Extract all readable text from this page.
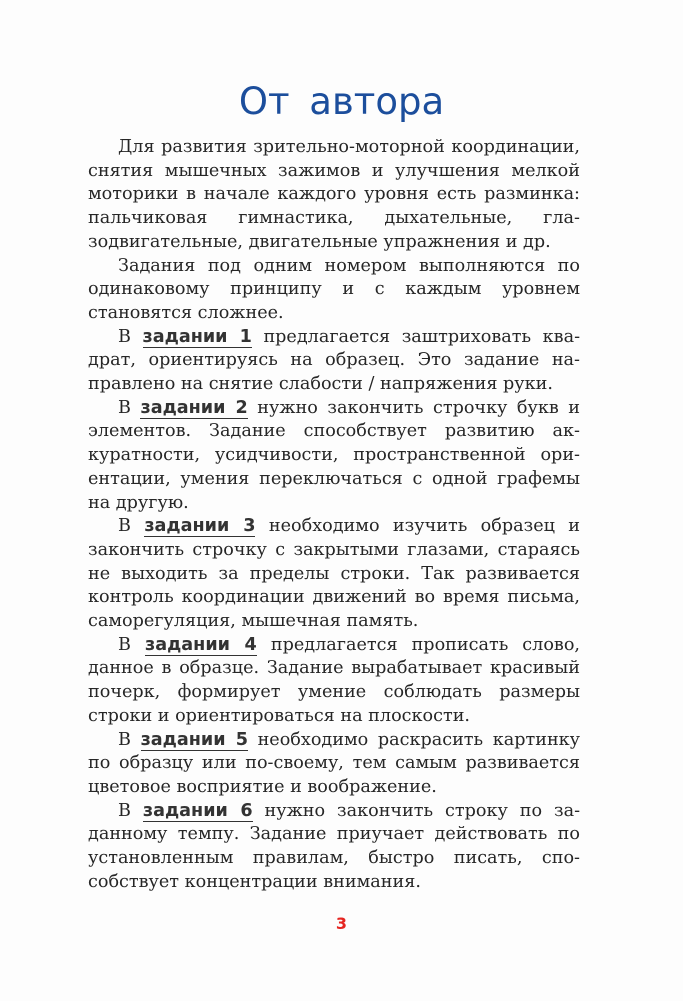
От автора

Для развития зрительно-моторной координации, снятия мышечных зажимов и улучшения мелкой моторики в начале каждого уровня есть разминка: пальчиковая гимнастика, дыхательные, глазодвигательные, двигательные упражнения и др.

Задания под одним номером выполняются по одинаковому принципу и с каждым уровнем становятся сложнее.

В задании 1 предлагается заштриховать квадрат, ориентируясь на образец. Это задание направлено на снятие слабости / напряжения руки.

В задании 2 нужно закончить строчку букв и элементов. Задание способствует развитию аккуратности, усидчивости, пространственной ориентации, умения переключаться с одной графемы на другую.

В задании 3 необходимо изучить образец и закончить строчку с закрытыми глазами, стараясь не выходить за пределы строки. Так развивается контроль координации движений во время письма, саморегуляция, мышечная память.

В задании 4 предлагается прописать слово, данное в образце. Задание вырабатывает красивый почерк, формирует умение соблюдать размеры строки и ориентироваться на плоскости.

В задании 5 необходимо раскрасить картинку по образцу или по-своему, тем самым развивается цветовое восприятие и воображение.

В задании 6 нужно закончить строку по заданному темпу. Задание приучает действовать по установленным правилам, быстро писать, способствует концентрации внимания.

3
